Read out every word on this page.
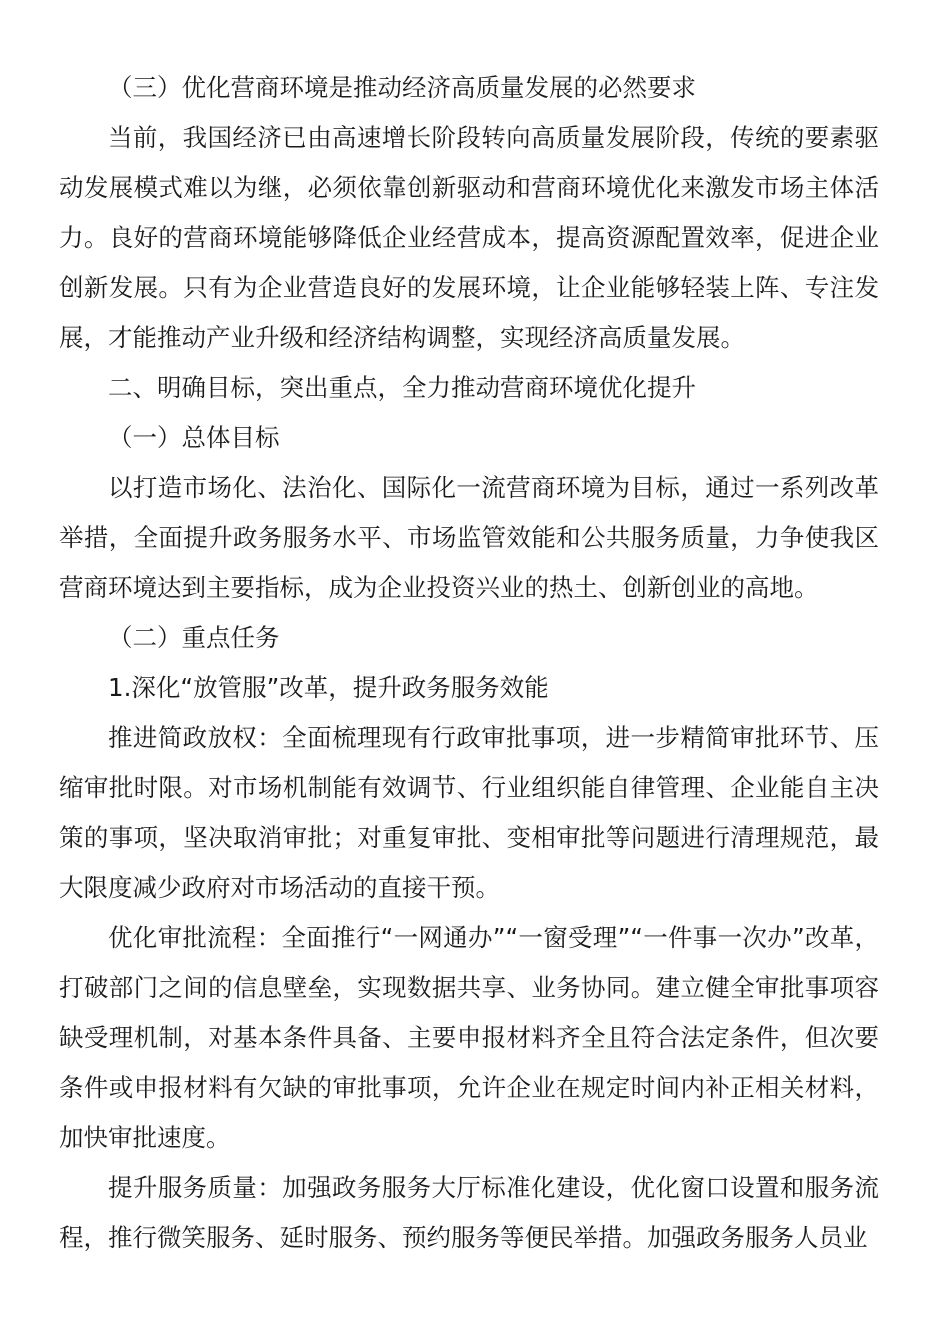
（三）优化营商环境是推动经济高质量发展的必然要求

当前，我国经济已由高速增长阶段转向高质量发展阶段，传统的要素驱动发展模式难以为继，必须依靠创新驱动和营商环境优化来激发市场主体活力。良好的营商环境能够降低企业经营成本，提高资源配置效率，促进企业创新发展。只有为企业营造良好的发展环境，让企业能够轻装上阵、专注发展，才能推动产业升级和经济结构调整，实现经济高质量发展。

二、明确目标，突出重点，全力推动营商环境优化提升

（一）总体目标

以打造市场化、法治化、国际化一流营商环境为目标，通过一系列改革举措，全面提升政务服务水平、市场监管效能和公共服务质量，力争使我区营商环境达到主要指标，成为企业投资兴业的热土、创新创业的高地。

（二）重点任务

1.深化“放管服”改革，提升政务服务效能

推进简政放权：全面梳理现有行政审批事项，进一步精简审批环节、压缩审批时限。对市场机制能有效调节、行业组织能自律管理、企业能自主决策的事项，坚决取消审批；对重复审批、变相审批等问题进行清理规范，最大限度减少政府对市场活动的直接干预。

优化审批流程：全面推行“一网通办”“一窗受理”“一件事一次办”改革，打破部门之间的信息壁垒，实现数据共享、业务协同。建立健全审批事项容缺受理机制，对基本条件具备、主要申报材料齐全且符合法定条件，但次要条件或申报材料有欠缺的审批事项，允许企业在规定时间内补正相关材料，加快审批速度。

提升服务质量：加强政务服务大厅标准化建设，优化窗口设置和服务流程，推行微笑服务、延时服务、预约服务等便民举措。加强政务服务人员业
